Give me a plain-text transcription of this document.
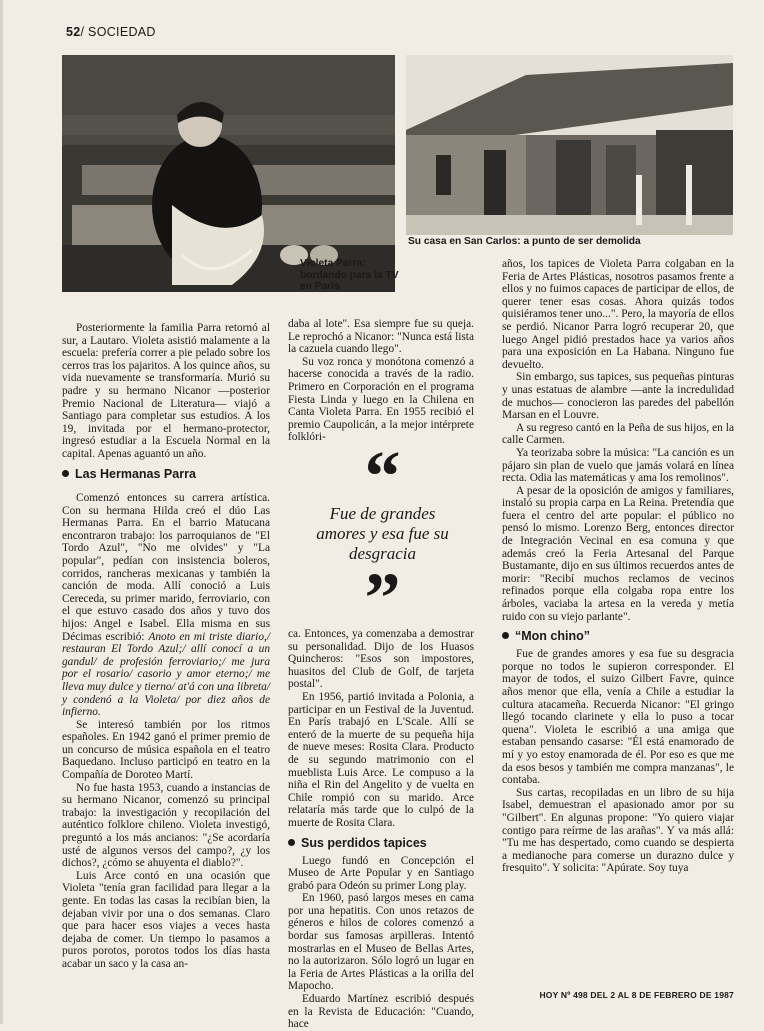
52/ SOCIEDAD
Su casa en San Carlos: a punto de ser demolida
Violeta Parra: bordando para la TV en París

Posteriormente la familia Parra retornó al sur, a Lautaro. Violeta asistió malamente a la escuela: prefería correr a pie pelado sobre los cerros tras los pajaritos. A los quince años, su vida nuevamente se transformaría. Murió su padre y su hermano Nicanor —posterior Premio Nacional de Literatura— viajó a Santiago para completar sus estudios. A los 19, invitada por el hermano-protector, ingresó estudiar a la Escuela Normal en la capital. Apenas aguantó un año.

Las Hermanas Parra

Comenzó entonces su carrera artística. Con su hermana Hilda creó el dúo Las Hermanas Parra. En el barrio Matucana encontraron trabajo: los parroquianos de "El Tordo Azul", "No me olvides" y "La popular", pedían con insistencia boleros, corridos, rancheras mexicanas y también la canción de moda. Allí conoció a Luis Cereceda, su primer marido, ferroviario, con el que estuvo casado dos años y tuvo dos hijos: Angel e Isabel. Ella misma en sus Décimas escribió: Anoto en mi triste diario,/ restauran El Tordo Azul;/ allí conocí a un gandul/ de profesión ferroviario;/ me jura por el rosario/ casorio y amor eterno;/ me lleva muy dulce y tierno/ at'á con una libreta/ y condenó a la Violeta/ por diez años de infierno.

Se interesó también por los ritmos españoles. En 1942 ganó el primer premio de un concurso de música española en el teatro Baquedano. Incluso participó en teatro en la Compañía de Doroteo Martí.

No fue hasta 1953, cuando a instancias de su hermano Nicanor, comenzó su principal trabajo: la investigación y recopilación del auténtico folklore chileno. Violeta investigó, preguntó a los más ancianos: "¿Se acordaría usté de algunos versos del campo?, ¿y los dichos?, ¿cómo se ahuyenta el diablo?".

Luis Arce contó en una ocasión que Violeta "tenía gran facilidad para llegar a la gente. En todas las casas la recibían bien, la dejaban vivir por una o dos semanas. Claro que para hacer esos viajes a veces hasta dejaba de comer. Un tiempo lo pasamos a puros porotos, porotos todos los días hasta acabar un saco y la casa an-

daba al lote". Esa siempre fue su queja. Le reprochó a Nicanor: "Nunca está lista la cazuela cuando llego".

Su voz ronca y monótona comenzó a hacerse conocida a través de la radio. Primero en Corporación en el programa Fiesta Linda y luego en la Chilena en Canta Violeta Parra. En 1955 recibió el premio Caupolicán, a la mejor intérprete folklóri- “
Fue de grandes amores y esa fue su desgracia
”

ca. Entonces, ya comenzaba a demostrar su personalidad. Dijo de los Huasos Quincheros: "Esos son impostores, huasitos del Club de Golf, de tarjeta postal".

En 1956, partió invitada a Polonia, a participar en un Festival de la Juventud. En París trabajó en L'Scale. Allí se enteró de la muerte de su pequeña hija de nueve meses: Rosita Clara. Producto de su segundo matrimonio con el mueblista Luis Arce. Le compuso a la niña el Rin del Angelito y de vuelta en Chile rompió con su marido. Arce relataría más tarde que lo culpó de la muerte de Rosita Clara.

Sus perdidos tapices

Luego fundó en Concepción el Museo de Arte Popular y en Santiago grabó para Odeón su primer Long play.

En 1960, pasó largos meses en cama por una hepatitis. Con unos retazos de géneros e hilos de colores comenzó a bordar sus famosas arpilleras. Intentó mostrarlas en el Museo de Bellas Artes, no la autorizaron. Sólo logró un lugar en la Feria de Artes Plásticas a la orilla del Mapocho.

Eduardo Martínez escribió después en la Revista de Educación: "Cuando, hace

años, los tapices de Violeta Parra colgaban en la Feria de Artes Plásticas, nosotros pasamos frente a ellos y no fuimos capaces de participar de ellos, de querer tener esas cosas. Ahora quizás todos quisiéramos tener uno...". Pero, la mayoría de ellos se perdió. Nicanor Parra logró recuperar 20, que luego Angel pidió prestados hace ya varios años para una exposición en La Habana. Ninguno fue devuelto.

Sin embargo, sus tapices, sus pequeñas pinturas y unas estatuas de alambre —ante la incredulidad de muchos— conocieron las paredes del pabellón Marsan en el Louvre.

A su regreso cantó en la Peña de sus hijos, en la calle Carmen.

Ya teorizaba sobre la música: "La canción es un pájaro sin plan de vuelo que jamás volará en línea recta. Odia las matemáticas y ama los remolinos".

A pesar de la oposición de amigos y familiares, instaló su propia carpa en La Reina. Pretendía que fuera el centro del arte popular: el público no pensó lo mismo. Lorenzo Berg, entonces director de Integración Vecinal en esa comuna y que además creó la Feria Artesanal del Parque Bustamante, dijo en sus últimos recuerdos antes de morir: "Recibí muchos reclamos de vecinos refinados porque ella colgaba ropa entre los árboles, vaciaba la artesa en la vereda y metía ruido con su viejo parlante".

“Mon chino”

Fue de grandes amores y esa fue su desgracia porque no todos le supieron corresponder. El mayor de todos, el suizo Gilbert Favre, quince años menor que ella, venía a Chile a estudiar la cultura atacameña. Recuerda Nicanor: "El gringo llegó tocando clarinete y ella lo puso a tocar quena". Violeta le escribió a una amiga que estaban pensando casarse: "Él está enamorado de mí y yo estoy enamorada de él. Por eso es que me da esos besos y también me compra manzanas", le contaba.

Sus cartas, recopiladas en un libro de su hija Isabel, demuestran el apasionado amor por su "Gilbert". En algunas propone: "Yo quiero viajar contigo para reírme de las arañas". Y va más allá: "Tu me has despertado, como cuando se despierta a medianoche para comerse un durazno dulce y fresquito". Y solicita: "Apúrate. Soy tuya

HOY Nº 498 DEL 2 AL 8 DE FEBRERO DE 1987
